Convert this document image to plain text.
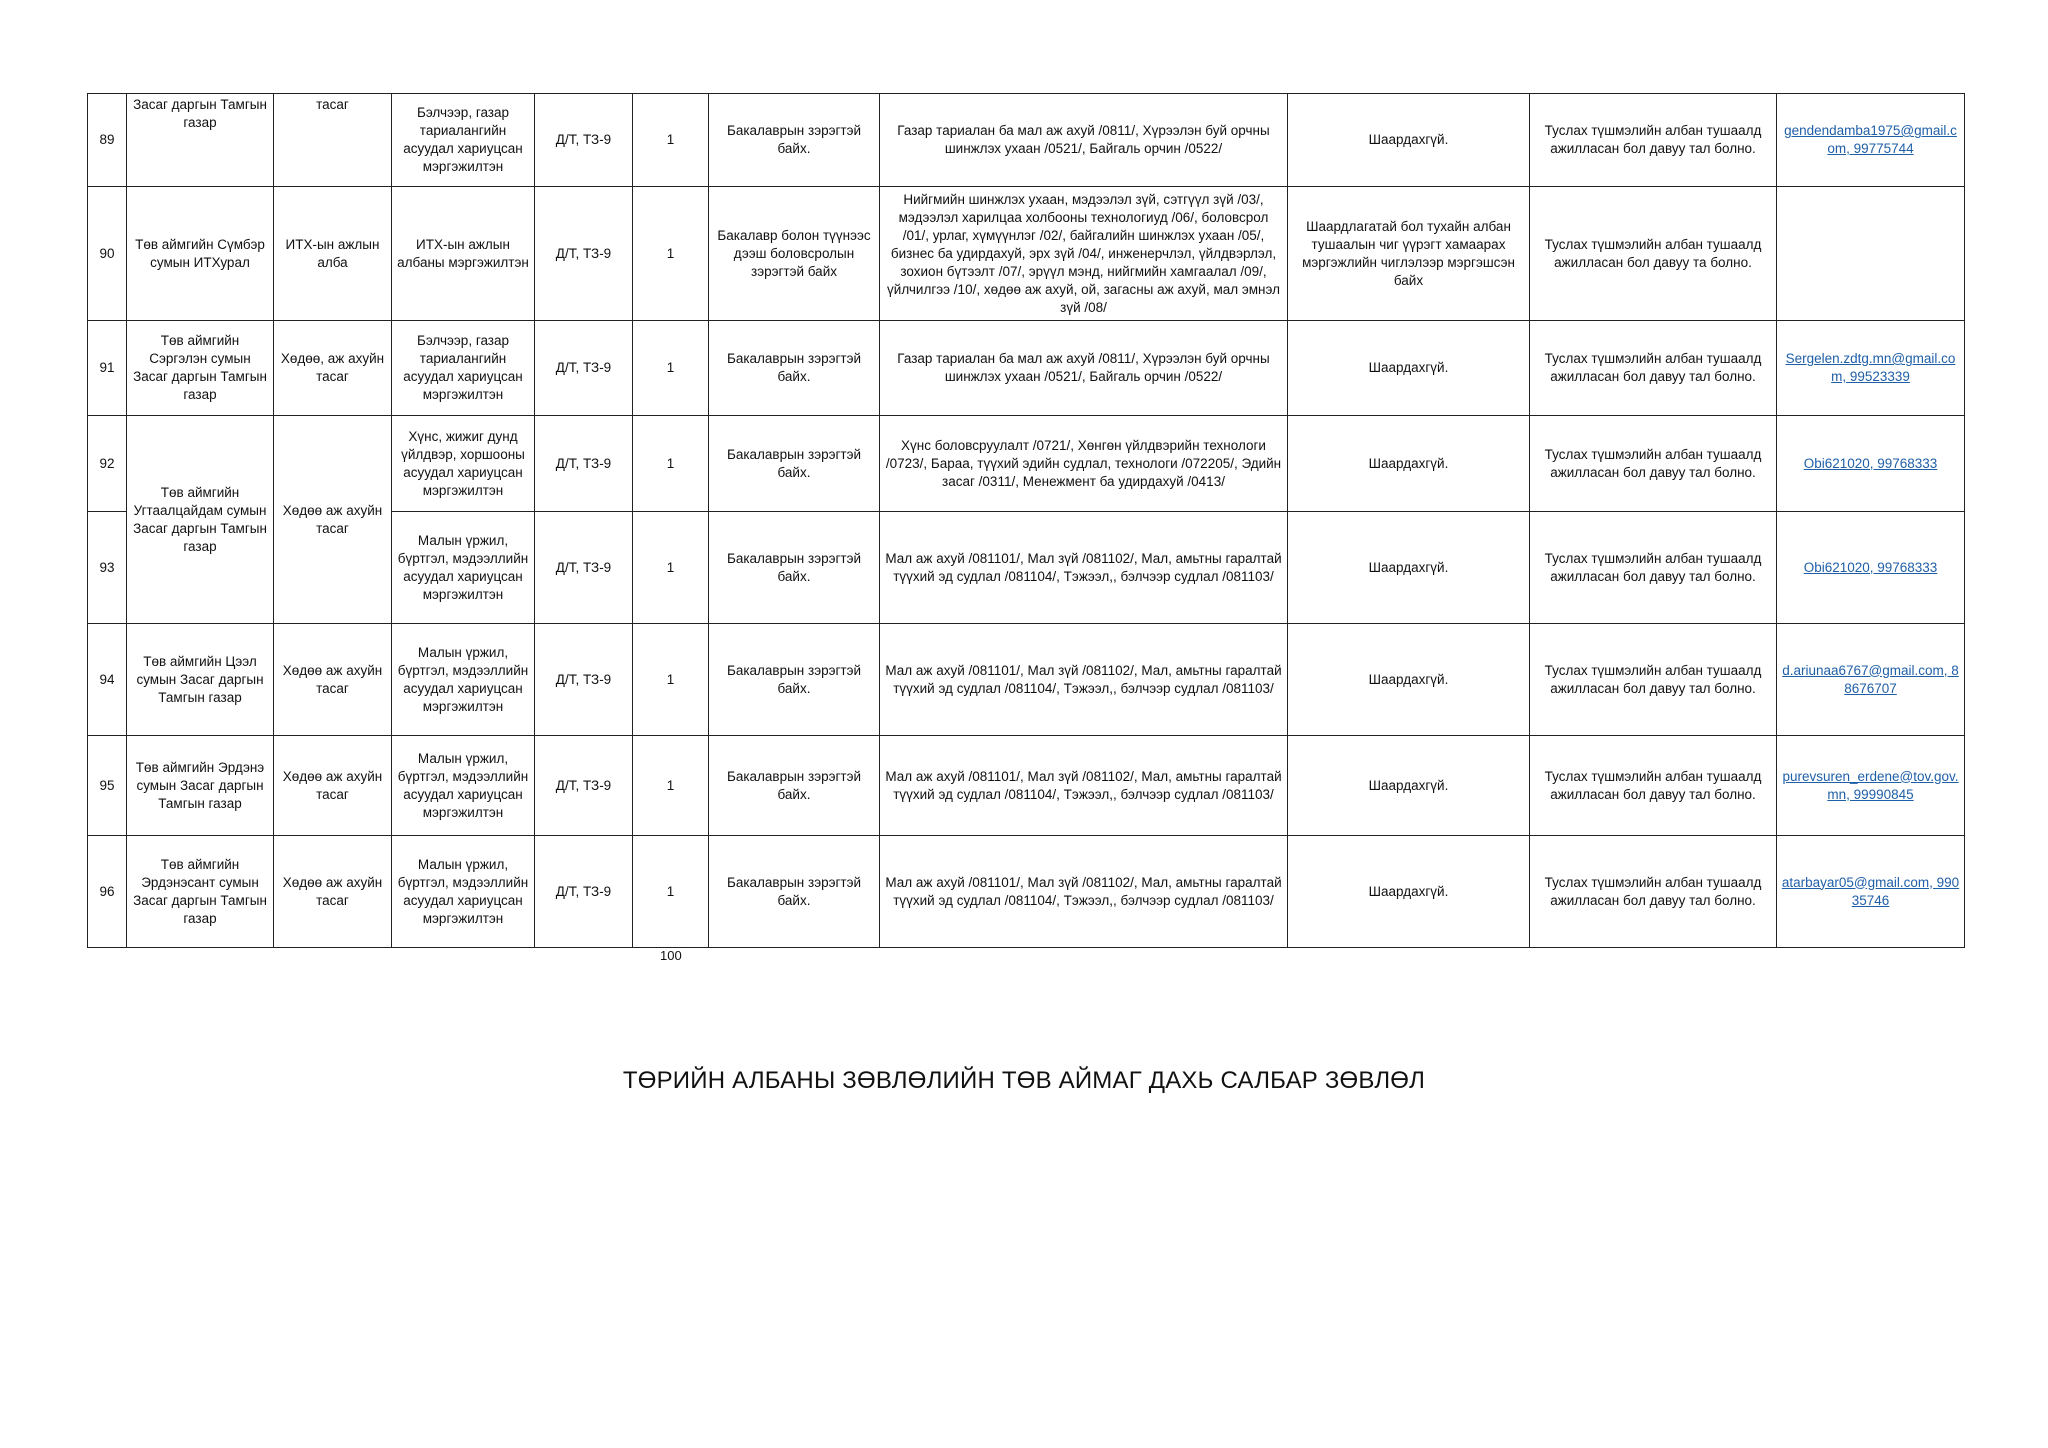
89	Засаг даргын Тамгын газар	тасаг	Бэлчээр, газар тариалангийн асуудал хариуцсан мэргэжилтэн	Д/Т, ТЗ-9	1	Бакалаврын зэрэгтэй байх.	Газар тариалан ба мал аж ахуй /0811/, Хүрээлэн буй орчны шинжлэх ухаан /0521/, Байгаль орчин /0522/	Шаардахгүй.	Туслах түшмэлийн албан тушаалд ажилласан бол давуу тал болно.	gendendamba1975@gmail.com, 99775744
90	Төв аймгийн Сүмбэр сумын ИТХурал	ИТХ-ын ажлын алба	ИТХ-ын ажлын албаны мэргэжилтэн	Д/Т, ТЗ-9	1	Бакалавр болон түүнээс дээш боловсролын зэрэгтэй байх	Нийгмийн шинжлэх ухаан, мэдээлэл зүй, сэтгүүл зүй /03/, мэдээлэл харилцаа холбооны технологиуд /06/, боловсрол /01/, урлаг, хүмүүнлэг /02/, байгалийн шинжлэх ухаан /05/, бизнес ба удирдахуй, эрх зүй /04/, инженерчлэл, үйлдвэрлэл, зохион бүтээлт /07/, эрүүл мэнд, нийгмийн хамгаалал /09/, үйлчилгээ /10/, хөдөө аж ахуй, ой, загасны аж ахуй, мал эмнэл зүй /08/	Шаардлагатай бол тухайн албан тушаалын чиг үүрэгт хамаарах мэргэжлийн чиглэлээр мэргэшсэн байх	Туслах түшмэлийн албан тушаалд ажилласан бол давуу та болно.	
91	Төв аймгийн Сэргэлэн сумын Засаг даргын Тамгын газар	Хөдөө, аж ахуйн тасаг	Бэлчээр, газар тариалангийн асуудал хариуцсан мэргэжилтэн	Д/Т, ТЗ-9	1	Бакалаврын зэрэгтэй байх.	Газар тариалан ба мал аж ахуй /0811/, Хүрээлэн буй орчны шинжлэх ухаан /0521/, Байгаль орчин /0522/	Шаардахгүй.	Туслах түшмэлийн албан тушаалд ажилласан бол давуу тал болно.	Sergelen.zdtg.mn@gmail.com, 99523339
92	Төв аймгийн Угтаалцайдам сумын Засаг даргын Тамгын газар	Хөдөө аж ахуйн тасаг	Хүнс, жижиг дунд үйлдвэр, хоршооны асуудал хариуцсан мэргэжилтэн	Д/Т, ТЗ-9	1	Бакалаврын зэрэгтэй байх.	Хүнс боловсруулалт /0721/, Хөнгөн үйлдвэрийн технологи /0723/, Бараа, түүхий эдийн судлал, технологи /072205/, Эдийн засаг /0311/, Менежмент ба удирдахуй /0413/	Шаардахгүй.	Туслах түшмэлийн албан тушаалд ажилласан бол давуу тал болно.	Obi621020, 99768333
93			Малын үржил, бүртгэл, мэдээллийн асуудал хариуцсан мэргэжилтэн	Д/Т, ТЗ-9	1	Бакалаврын зэрэгтэй байх.	Мал аж ахуй /081101/, Мал зүй /081102/, Мал, амьтны гаралтай түүхий эд судлал /081104/, Тэжээл,, бэлчээр судлал /081103/	Шаардахгүй.	Туслах түшмэлийн албан тушаалд ажилласан бол давуу тал болно.	Obi621020, 99768333
94	Төв аймгийн Цээл сумын Засаг даргын Тамгын газар	Хөдөө аж ахуйн тасаг	Малын үржил, бүртгэл, мэдээллийн асуудал хариуцсан мэргэжилтэн	Д/Т, ТЗ-9	1	Бакалаврын зэрэгтэй байх.	Мал аж ахуй /081101/, Мал зүй /081102/, Мал, амьтны гаралтай түүхий эд судлал /081104/, Тэжээл,, бэлчээр судлал /081103/	Шаардахгүй.	Туслах түшмэлийн албан тушаалд ажилласан бол давуу тал болно.	d.ariunaa6767@gmail.com, 88676707
95	Төв аймгийн Эрдэнэ сумын Засаг даргын Тамгын газар	Хөдөө аж ахуйн тасаг	Малын үржил, бүртгэл, мэдээллийн асуудал хариуцсан мэргэжилтэн	Д/Т, ТЗ-9	1	Бакалаврын зэрэгтэй байх.	Мал аж ахуй /081101/, Мал зүй /081102/, Мал, амьтны гаралтай түүхий эд судлал /081104/, Тэжээл,, бэлчээр судлал /081103/	Шаардахгүй.	Туслах түшмэлийн албан тушаалд ажилласан бол давуу тал болно.	purevsuren_erdene@tov.gov.mn, 99990845
96	Төв аймгийн Эрдэнэсант сумын Засаг даргын Тамгын газар	Хөдөө аж ахуйн тасаг	Малын үржил, бүртгэл, мэдээллийн асуудал хариуцсан мэргэжилтэн	Д/Т, ТЗ-9	1	Бакалаврын зэрэгтэй байх.	Мал аж ахуй /081101/, Мал зүй /081102/, Мал, амьтны гаралтай түүхий эд судлал /081104/, Тэжээл,, бэлчээр судлал /081103/	Шаардахгүй.	Туслах түшмэлийн албан тушаалд ажилласан бол давуу тал болно.	atarbayar05@gmail.com, 99035746
100
ТӨРИЙН АЛБАНЫ ЗӨВЛӨЛИЙН ТӨВ АЙМАГ ДАХЬ САЛБАР ЗӨВЛӨЛ
